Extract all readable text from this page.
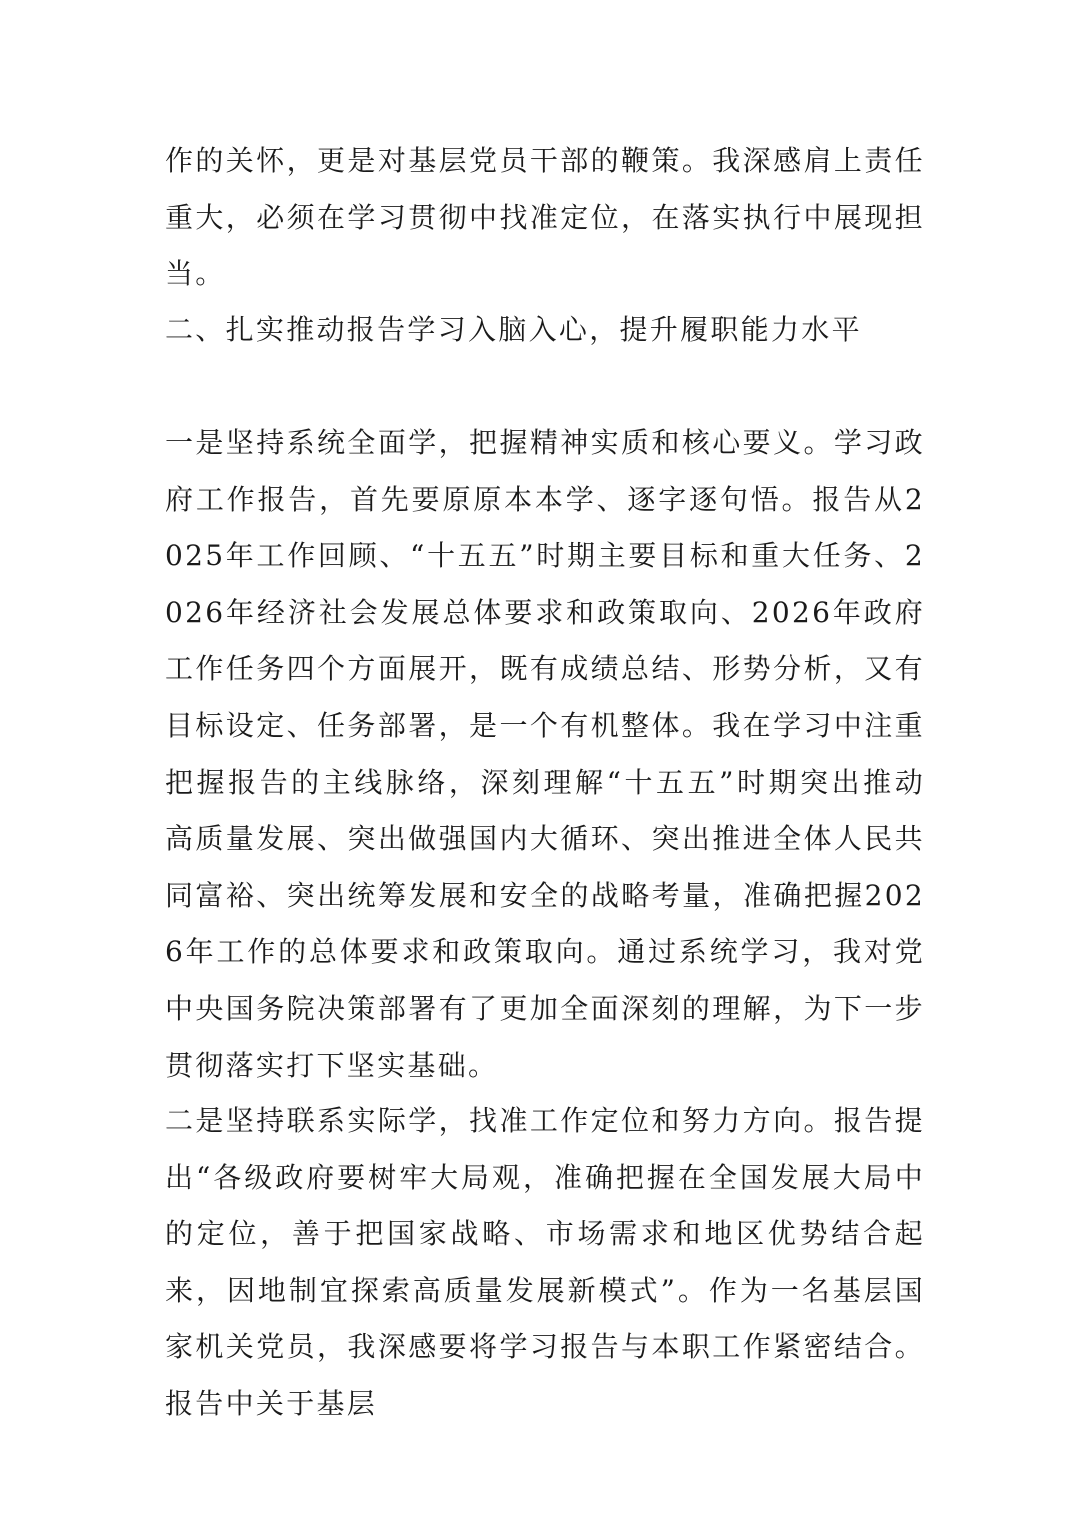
作的关怀，更是对基层党员干部的鞭策。我深感肩上责任重大，必须在学习贯彻中找准定位，在落实执行中展现担当。

二、扎实推动报告学习入脑入心，提升履职能力水平

一是坚持系统全面学，把握精神实质和核心要义。学习政府工作报告，首先要原原本本学、逐字逐句悟。报告从2025年工作回顾、“十五五”时期主要目标和重大任务、2026年经济社会发展总体要求和政策取向、2026年政府工作任务四个方面展开，既有成绩总结、形势分析，又有目标设定、任务部署，是一个有机整体。我在学习中注重把握报告的主线脉络，深刻理解“十五五”时期突出推动高质量发展、突出做强国内大循环、突出推进全体人民共同富裕、突出统筹发展和安全的战略考量，准确把握2026年工作的总体要求和政策取向。通过系统学习，我对党中央国务院决策部署有了更加全面深刻的理解，为下一步贯彻落实打下坚实基础。

二是坚持联系实际学，找准工作定位和努力方向。报告提出“各级政府要树牢大局观，准确把握在全国发展大局中的定位，善于把国家战略、市场需求和地区优势结合起来，因地制宜探索高质量发展新模式”。作为一名基层国家机关党员，我深感要将学习报告与本职工作紧密结合。报告中关于基层
